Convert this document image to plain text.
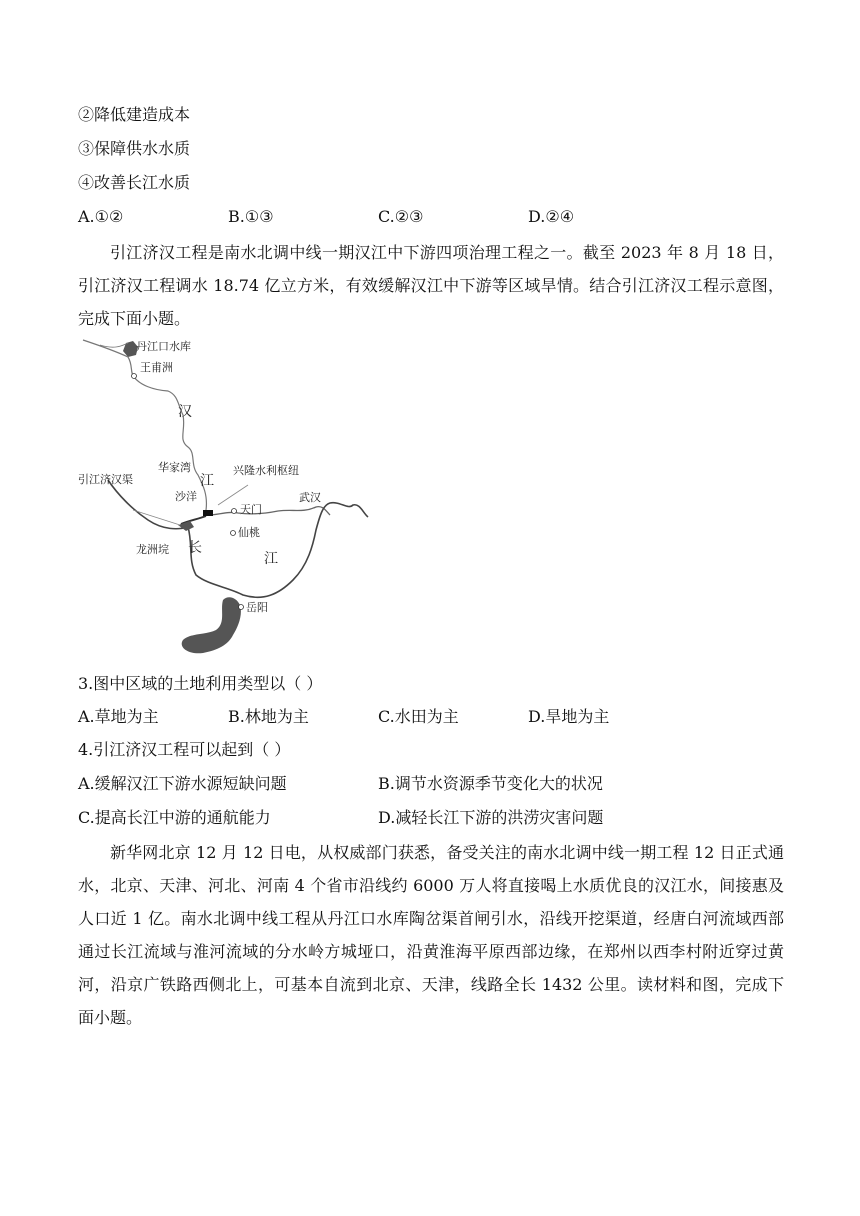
②降低建造成本
③保障供水水质
④改善长江水质
A.①②	B.①③	C.②③	D.②④
引江济汉工程是南水北调中线一期汉江中下游四项治理工程之一。截至 2023 年 8 月 18 日，引江济汉工程调水 18.74 亿立方米，有效缓解汉江中下游等区域旱情。结合引江济汉工程示意图，完成下面小题。
丹江口水库
王甫洲
汉
华家湾	兴隆水利枢纽
江
引江济汉渠
沙洋	武汉
天门
仙桃
龙洲垸 长
江
岳阳
3.图中区域的土地利用类型以（ ）
A.草地为主	B.林地为主	C.水田为主	D.旱地为主
4.引江济汉工程可以起到（ ）
A.缓解汉江下游水源短缺问题	B.调节水资源季节变化大的状况
C.提高长江中游的通航能力	D.减轻长江下游的洪涝灾害问题
新华网北京 12 月 12 日电，从权威部门获悉，备受关注的南水北调中线一期工程 12 日正式通水，北京、天津、河北、河南 4 个省市沿线约 6000 万人将直接喝上水质优良的汉江水，间接惠及人口近 1 亿。南水北调中线工程从丹江口水库陶岔渠首闸引水，沿线开挖渠道，经唐白河流域西部通过长江流域与淮河流域的分水岭方城垭口，沿黄淮海平原西部边缘，在郑州以西李村附近穿过黄河，沿京广铁路西侧北上，可基本自流到北京、天津，线路全长 1432 公里。读材料和图，完成下面小题。
